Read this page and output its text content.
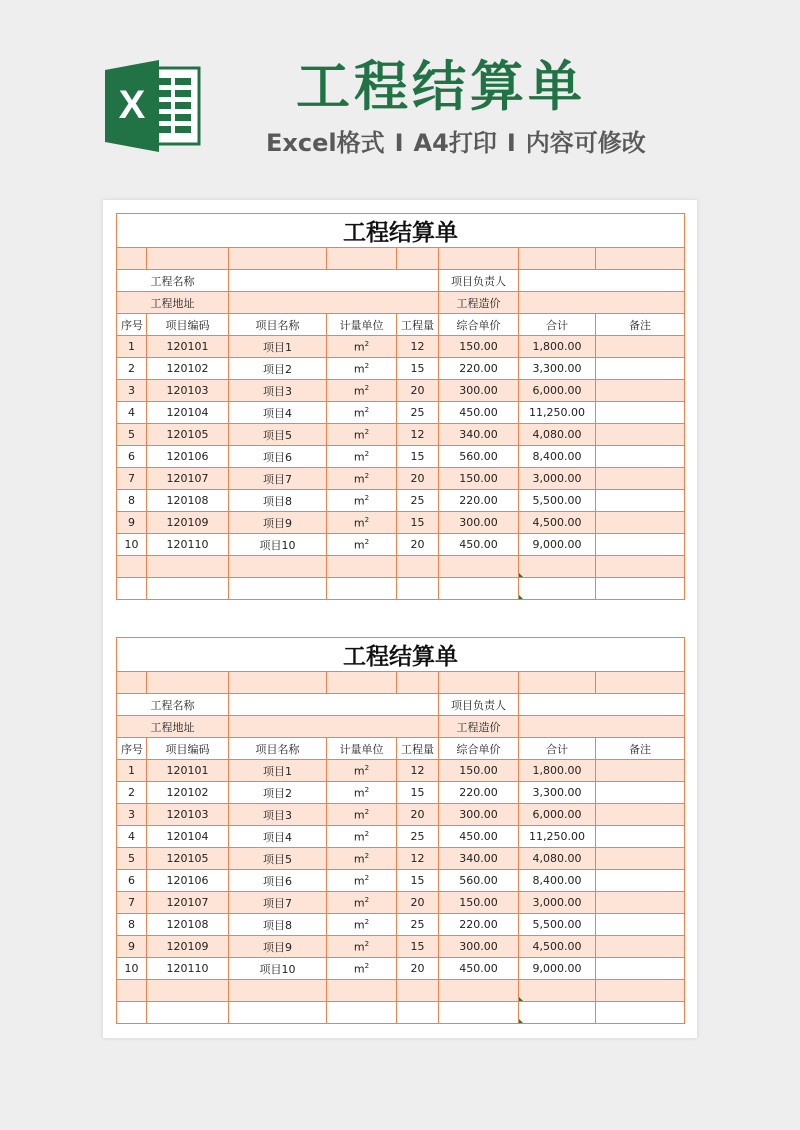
X	工程结算单
Excel格式 I A4打印 I 内容可修改
工程结算单							

工程名称					项目负责人		
工程地址					工程造价		
序号	项目编码	项目名称	计量单位	工程量	综合单价	合计	备注
1	120101	项目1	$m^2$	12	150.00	1,800.00	
2	120102	项目2	$m^2$	15	220.00	3,300.00	
3	120103	项目3	$m^2$	20	300.00	6,000.00	
4	120104	项目4	$m^2$	25	450.00	11,250.00	
5	120105	项目5	$m^2$	12	340.00	4,080.00	
6	120106	项目6	$m^2$	15	560.00	8,400.00	
7	120107	项目7	$m^2$	20	150.00	3,000.00	
8	120108	项目8	$m^2$	25	220.00	5,500.00	
9	120109	项目9	$m^2$	15	300.00	4,500.00	
10	120110	项目10	$m^2$	20	450.00	9,000.00	

工程结算单							

工程名称					项目负责人		
工程地址					工程造价		
序号	项目编码	项目名称	计量单位	工程量	综合单价	合计	备注
1	120101	项目1	$m^2$	12	150.00	1,800.00	
2	120102	项目2	$m^2$	15	220.00	3,300.00	
3	120103	项目3	$m^2$	20	300.00	6,000.00	
4	120104	项目4	$m^2$	25	450.00	11,250.00	
5	120105	项目5	$m^2$	12	340.00	4,080.00	
6	120106	项目6	$m^2$	15	560.00	8,400.00	
7	120107	项目7	$m^2$	20	150.00	3,000.00	
8	120108	项目8	$m^2$	25	220.00	5,500.00	
9	120109	项目9	$m^2$	15	300.00	4,500.00	
10	120110	项目10	$m^2$	20	450.00	9,000.00	
